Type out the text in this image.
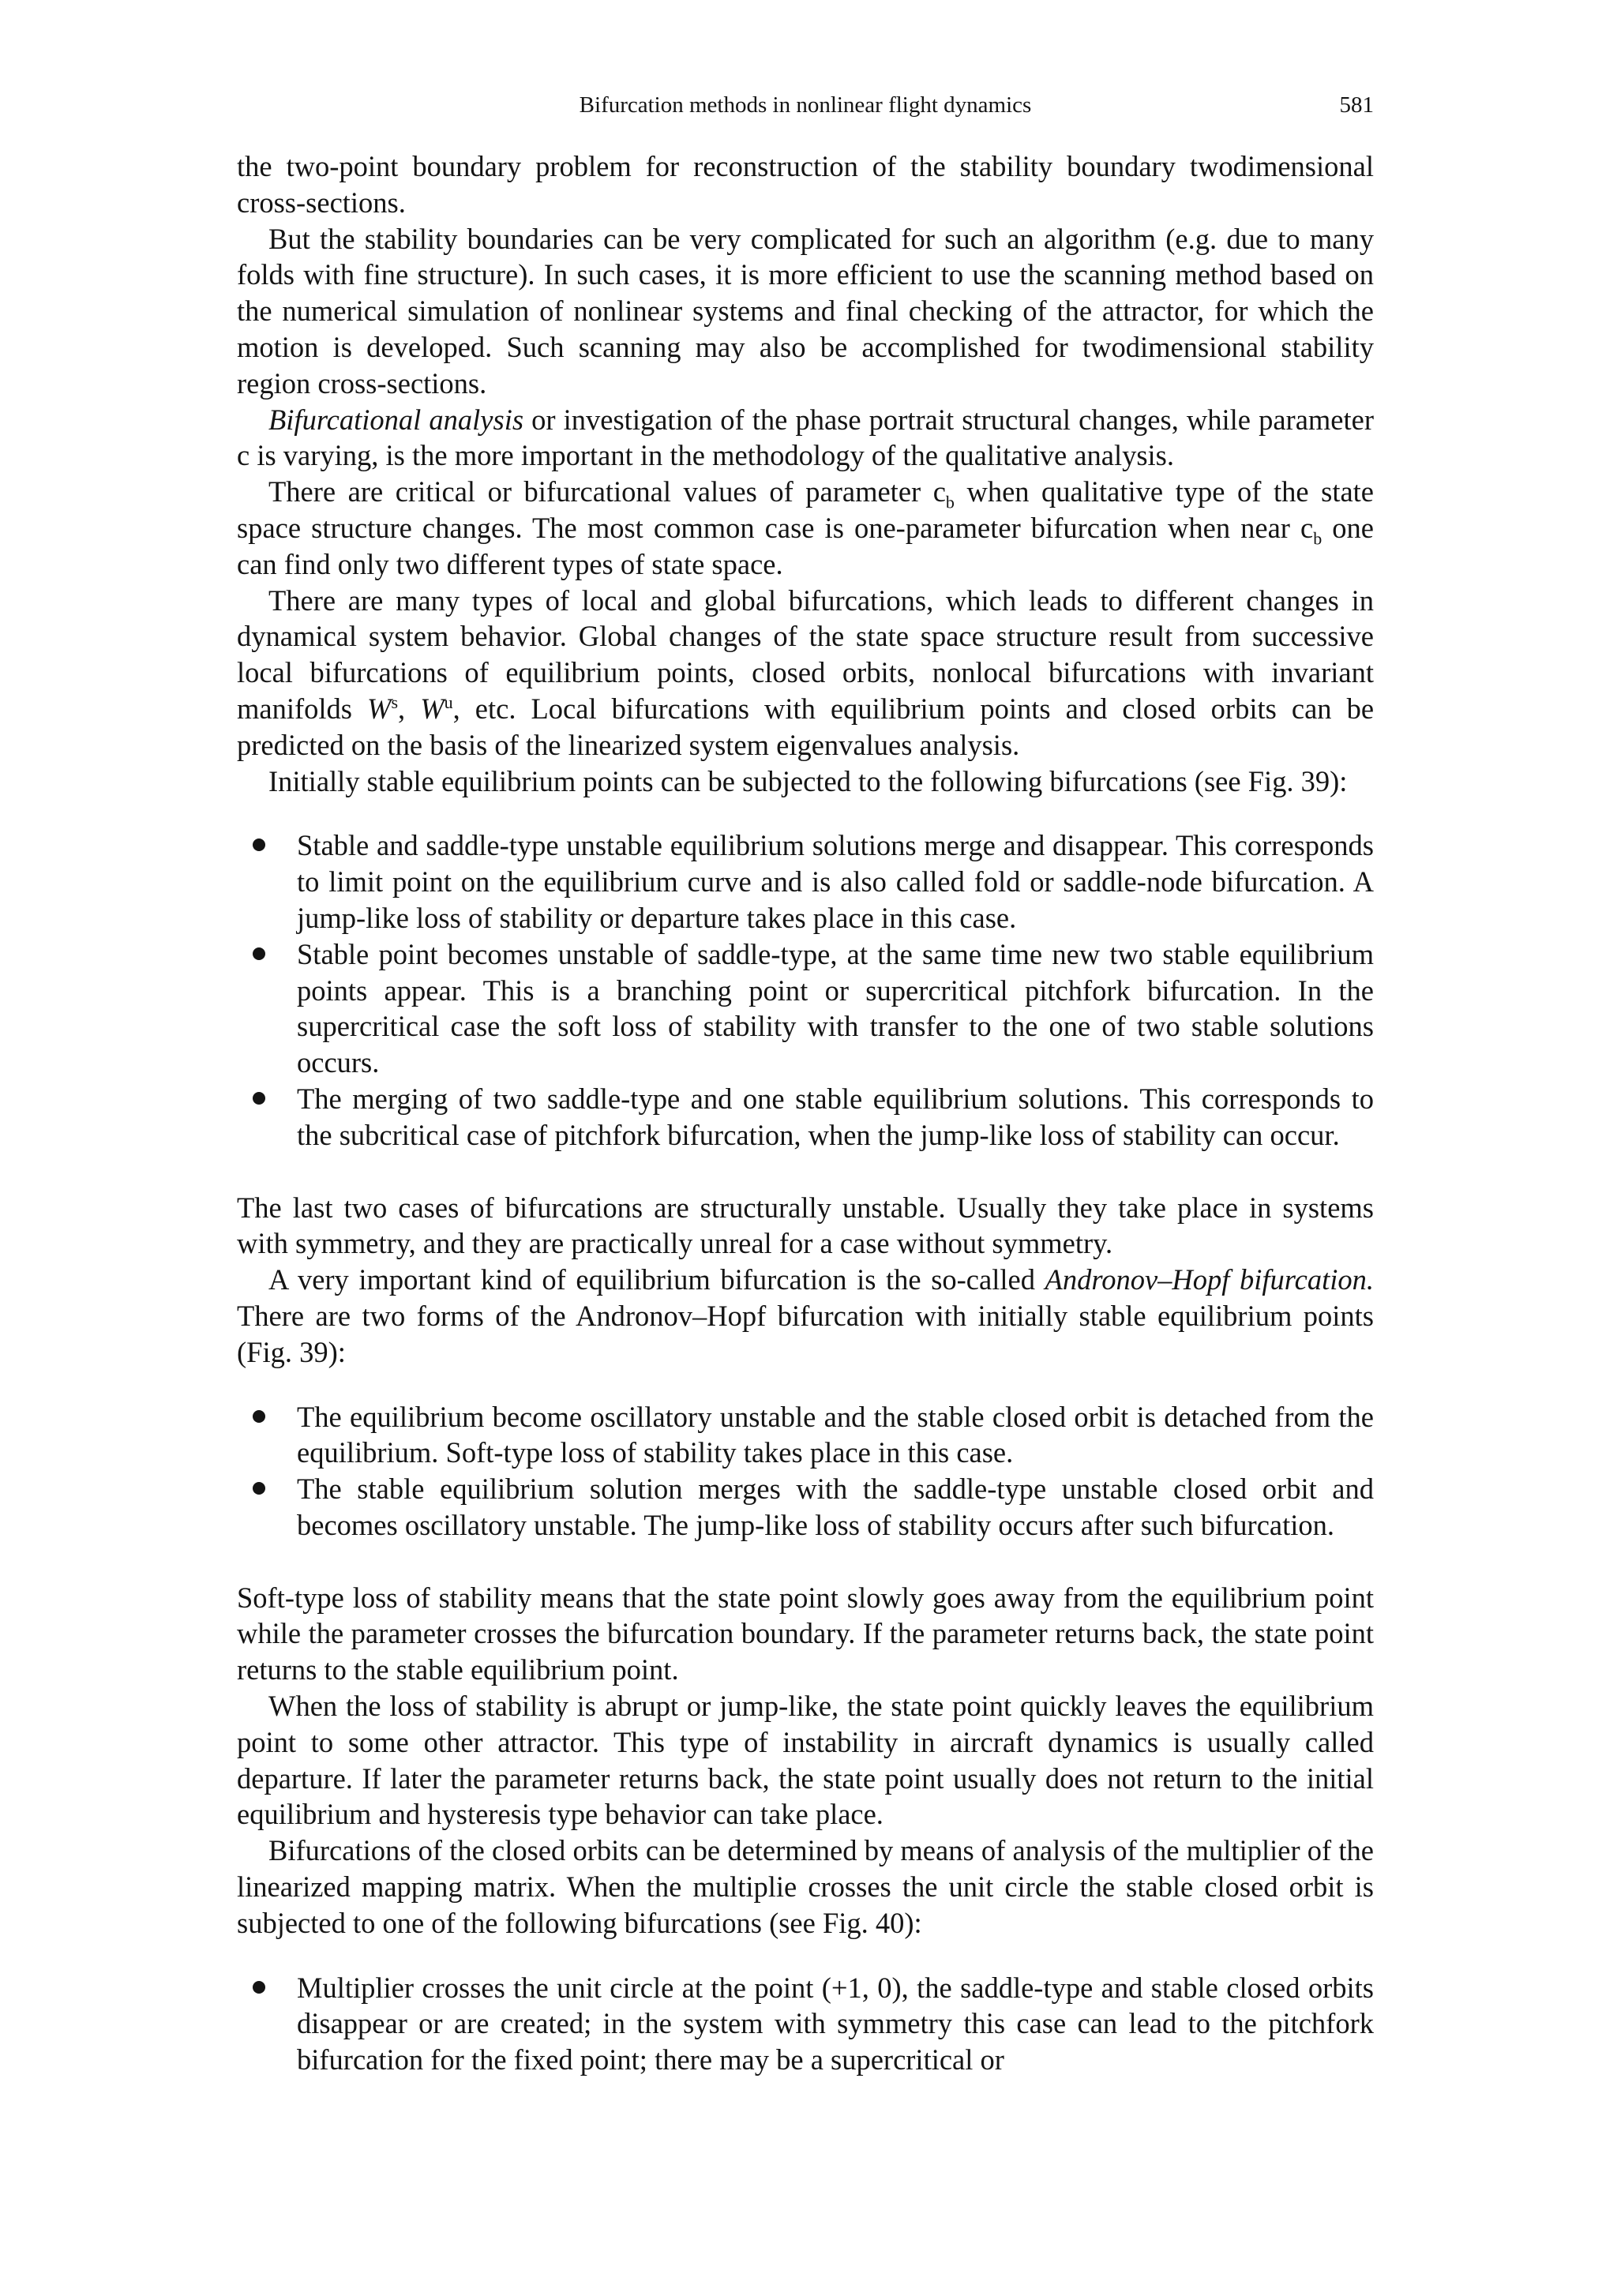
Bifurcation methods in nonlinear flight dynamics	581

the two-point boundary problem for reconstruction of the stability boundary twodimensional cross-sections.

But the stability boundaries can be very complicated for such an algorithm (e.g. due to many folds with fine structure). In such cases, it is more efficient to use the scanning method based on the numerical simulation of nonlinear systems and final checking of the attractor, for which the motion is developed. Such scanning may also be accomplished for twodimensional stability region cross-sections.

Bifurcational analysis or investigation of the phase portrait structural changes, while parameter c is varying, is the more important in the methodology of the qualitative analysis.

There are critical or bifurcational values of parameter $c_b$ when qualitative type of the state space structure changes. The most common case is one-parameter bifurcation when near $c_b$ one can find only two different types of state space.

There are many types of local and global bifurcations, which leads to different changes in dynamical system behavior. Global changes of the state space structure result from successive local bifurcations of equilibrium points, closed orbits, nonlocal bifurcations with invariant manifolds $W^s$, $W^u$, etc. Local bifurcations with equilibrium points and closed orbits can be predicted on the basis of the linearized system eigenvalues analysis.

Initially stable equilibrium points can be subjected to the following bifurcations (see Fig. 39):

Stable and saddle-type unstable equilibrium solutions merge and disappear. This corresponds to limit point on the equilibrium curve and is also called fold or saddle-node bifurcation. A jump-like loss of stability or departure takes place in this case.
Stable point becomes unstable of saddle-type, at the same time new two stable equilibrium points appear. This is a branching point or supercritical pitchfork bifurcation. In the supercritical case the soft loss of stability with transfer to the one of two stable solutions occurs.
The merging of two saddle-type and one stable equilibrium solutions. This corresponds to the subcritical case of pitchfork bifurcation, when the jump-like loss of stability can occur.

The last two cases of bifurcations are structurally unstable. Usually they take place in systems with symmetry, and they are practically unreal for a case without symmetry.

A very important kind of equilibrium bifurcation is the so-called Andronov–Hopf bifurcation. There are two forms of the Andronov–Hopf bifurcation with initially stable equilibrium points (Fig. 39):

The equilibrium become oscillatory unstable and the stable closed orbit is detached from the equilibrium. Soft-type loss of stability takes place in this case.
The stable equilibrium solution merges with the saddle-type unstable closed orbit and becomes oscillatory unstable. The jump-like loss of stability occurs after such bifurcation.

Soft-type loss of stability means that the state point slowly goes away from the equilibrium point while the parameter crosses the bifurcation boundary. If the parameter returns back, the state point returns to the stable equilibrium point.

When the loss of stability is abrupt or jump-like, the state point quickly leaves the equilibrium point to some other attractor. This type of instability in aircraft dynamics is usually called departure. If later the parameter returns back, the state point usually does not return to the initial equilibrium and hysteresis type behavior can take place.

Bifurcations of the closed orbits can be determined by means of analysis of the multiplier of the linearized mapping matrix. When the multiplie crosses the unit circle the stable closed orbit is subjected to one of the following bifurcations (see Fig. 40):

Multiplier crosses the unit circle at the point (+1, 0), the saddle-type and stable closed orbits disappear or are created; in the system with symmetry this case can lead to the pitchfork bifurcation for the fixed point; there may be a supercritical or
